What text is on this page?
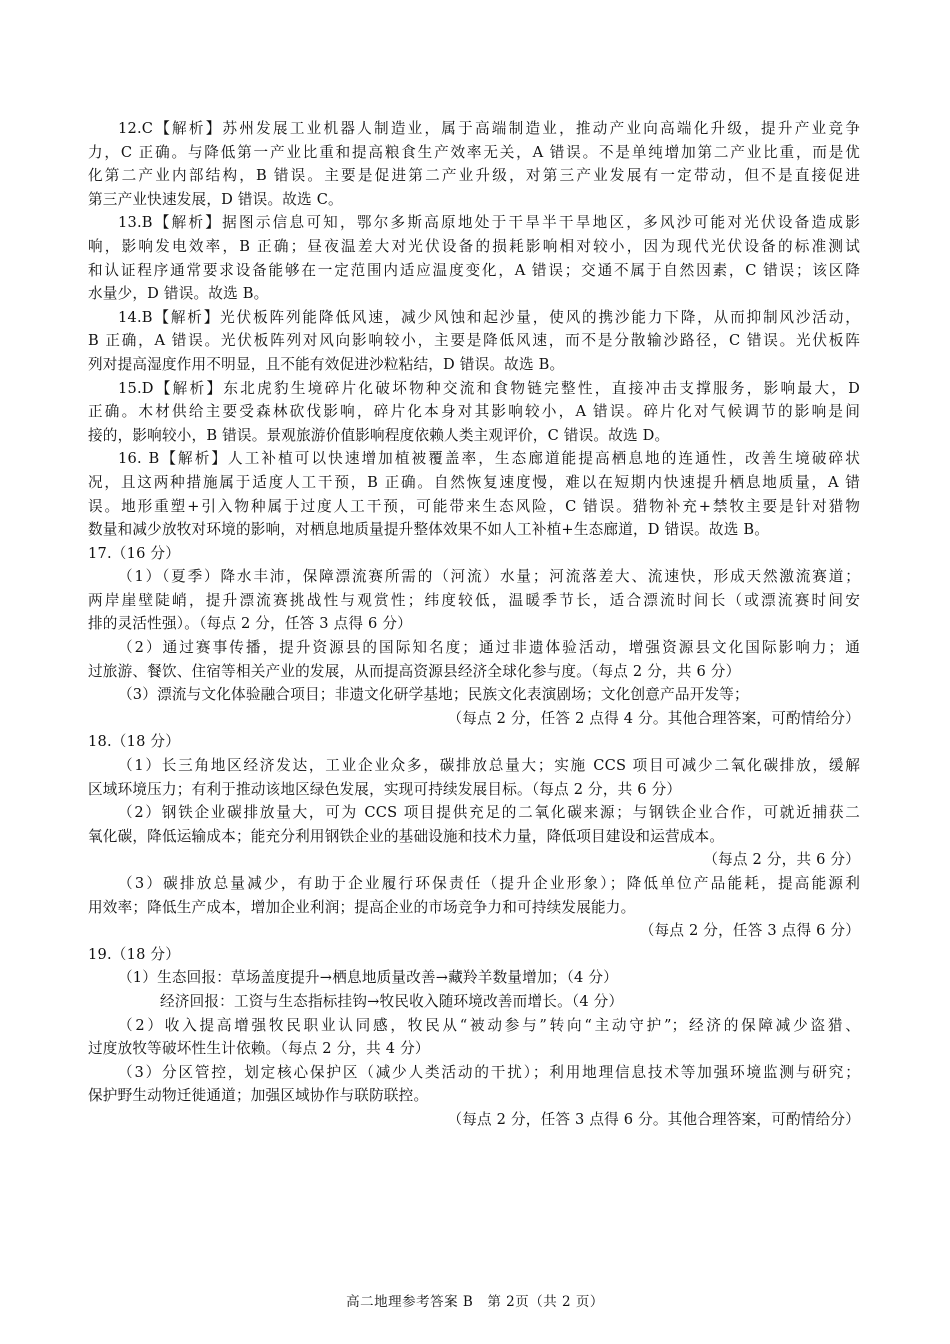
12.C【解析】苏州发展工业机器人制造业，属于高端制造业，推动产业向高端化升级，提升产业竞争
力，C 正确。与降低第一产业比重和提高粮食生产效率无关，A 错误。不是单纯增加第二产业比重，而是优
化第二产业内部结构，B 错误。主要是促进第二产业升级，对第三产业发展有一定带动，但不是直接促进
第三产业快速发展，D 错误。故选 C。
13.B【解析】据图示信息可知，鄂尔多斯高原地处于干旱半干旱地区，多风沙可能对光伏设备造成影
响，影响发电效率，B 正确；昼夜温差大对光伏设备的损耗影响相对较小，因为现代光伏设备的标准测试
和认证程序通常要求设备能够在一定范围内适应温度变化，A 错误；交通不属于自然因素，C 错误；该区降
水量少，D 错误。故选 B。
14.B【解析】光伏板阵列能降低风速，减少风蚀和起沙量，使风的携沙能力下降，从而抑制风沙活动，
B 正确，A 错误。光伏板阵列对风向影响较小，主要是降低风速，而不是分散输沙路径，C 错误。光伏板阵
列对提高湿度作用不明显，且不能有效促进沙粒粘结，D 错误。故选 B。
15.D【解析】东北虎豹生境碎片化破坏物种交流和食物链完整性，直接冲击支撑服务，影响最大，D
正确。木材供给主要受森林砍伐影响，碎片化本身对其影响较小，A 错误。碎片化对气候调节的影响是间
接的，影响较小，B 错误。景观旅游价值影响程度依赖人类主观评价，C 错误。故选 D。
16. B【解析】人工补植可以快速增加植被覆盖率，生态廊道能提高栖息地的连通性，改善生境破碎状
况，且这两种措施属于适度人工干预，B 正确。自然恢复速度慢，难以在短期内快速提升栖息地质量，A 错
误。地形重塑+引入物种属于过度人工干预，可能带来生态风险，C 错误。猎物补充+禁牧主要是针对猎物
数量和减少放牧对环境的影响，对栖息地质量提升整体效果不如人工补植+生态廊道，D 错误。故选 B。
17.（16 分）
（1）（夏季）降水丰沛，保障漂流赛所需的（河流）水量；河流落差大、流速快，形成天然激流赛道；
两岸崖壁陡峭，提升漂流赛挑战性与观赏性；纬度较低，温暖季节长，适合漂流时间长（或漂流赛时间安
排的灵活性强）。（每点 2 分，任答 3 点得 6 分）
（2）通过赛事传播，提升资源县的国际知名度；通过非遗体验活动，增强资源县文化国际影响力；通
过旅游、餐饮、住宿等相关产业的发展，从而提高资源县经济全球化参与度。（每点 2 分，共 6 分）
（3）漂流与文化体验融合项目；非遗文化研学基地；民族文化表演剧场；文化创意产品开发等；
（每点 2 分，任答 2 点得 4 分。其他合理答案，可酌情给分）
18.（18 分）
（1）长三角地区经济发达，工业企业众多，碳排放总量大；实施 CCS 项目可减少二氧化碳排放，缓解
区域环境压力；有利于推动该地区绿色发展，实现可持续发展目标。（每点 2 分，共 6 分）
（2）钢铁企业碳排放量大，可为 CCS 项目提供充足的二氧化碳来源；与钢铁企业合作，可就近捕获二
氧化碳，降低运输成本；能充分利用钢铁企业的基础设施和技术力量，降低项目建设和运营成本。
（每点 2 分，共 6 分）
（3）碳排放总量减少，有助于企业履行环保责任（提升企业形象）；降低单位产品能耗，提高能源利
用效率；降低生产成本，增加企业利润；提高企业的市场竞争力和可持续发展能力。
（每点 2 分，任答 3 点得 6 分）
19.（18 分）
（1）生态回报：草场盖度提升→栖息地质量改善→藏羚羊数量增加；（4 分）
经济回报：工资与生态指标挂钩→牧民收入随环境改善而增长。（4 分）
（2）收入提高增强牧民职业认同感，牧民从“被动参与”转向“主动守护”；经济的保障减少盗猎、
过度放牧等破坏性生计依赖。（每点 2 分，共 4 分）
（3）分区管控，划定核心保护区（减少人类活动的干扰）；利用地理信息技术等加强环境监测与研究；
保护野生动物迁徙通道；加强区域协作与联防联控。
（每点 2 分，任答 3 点得 6 分。其他合理答案，可酌情给分）
高二地理参考答案 B　第 2页（共 2 页）
